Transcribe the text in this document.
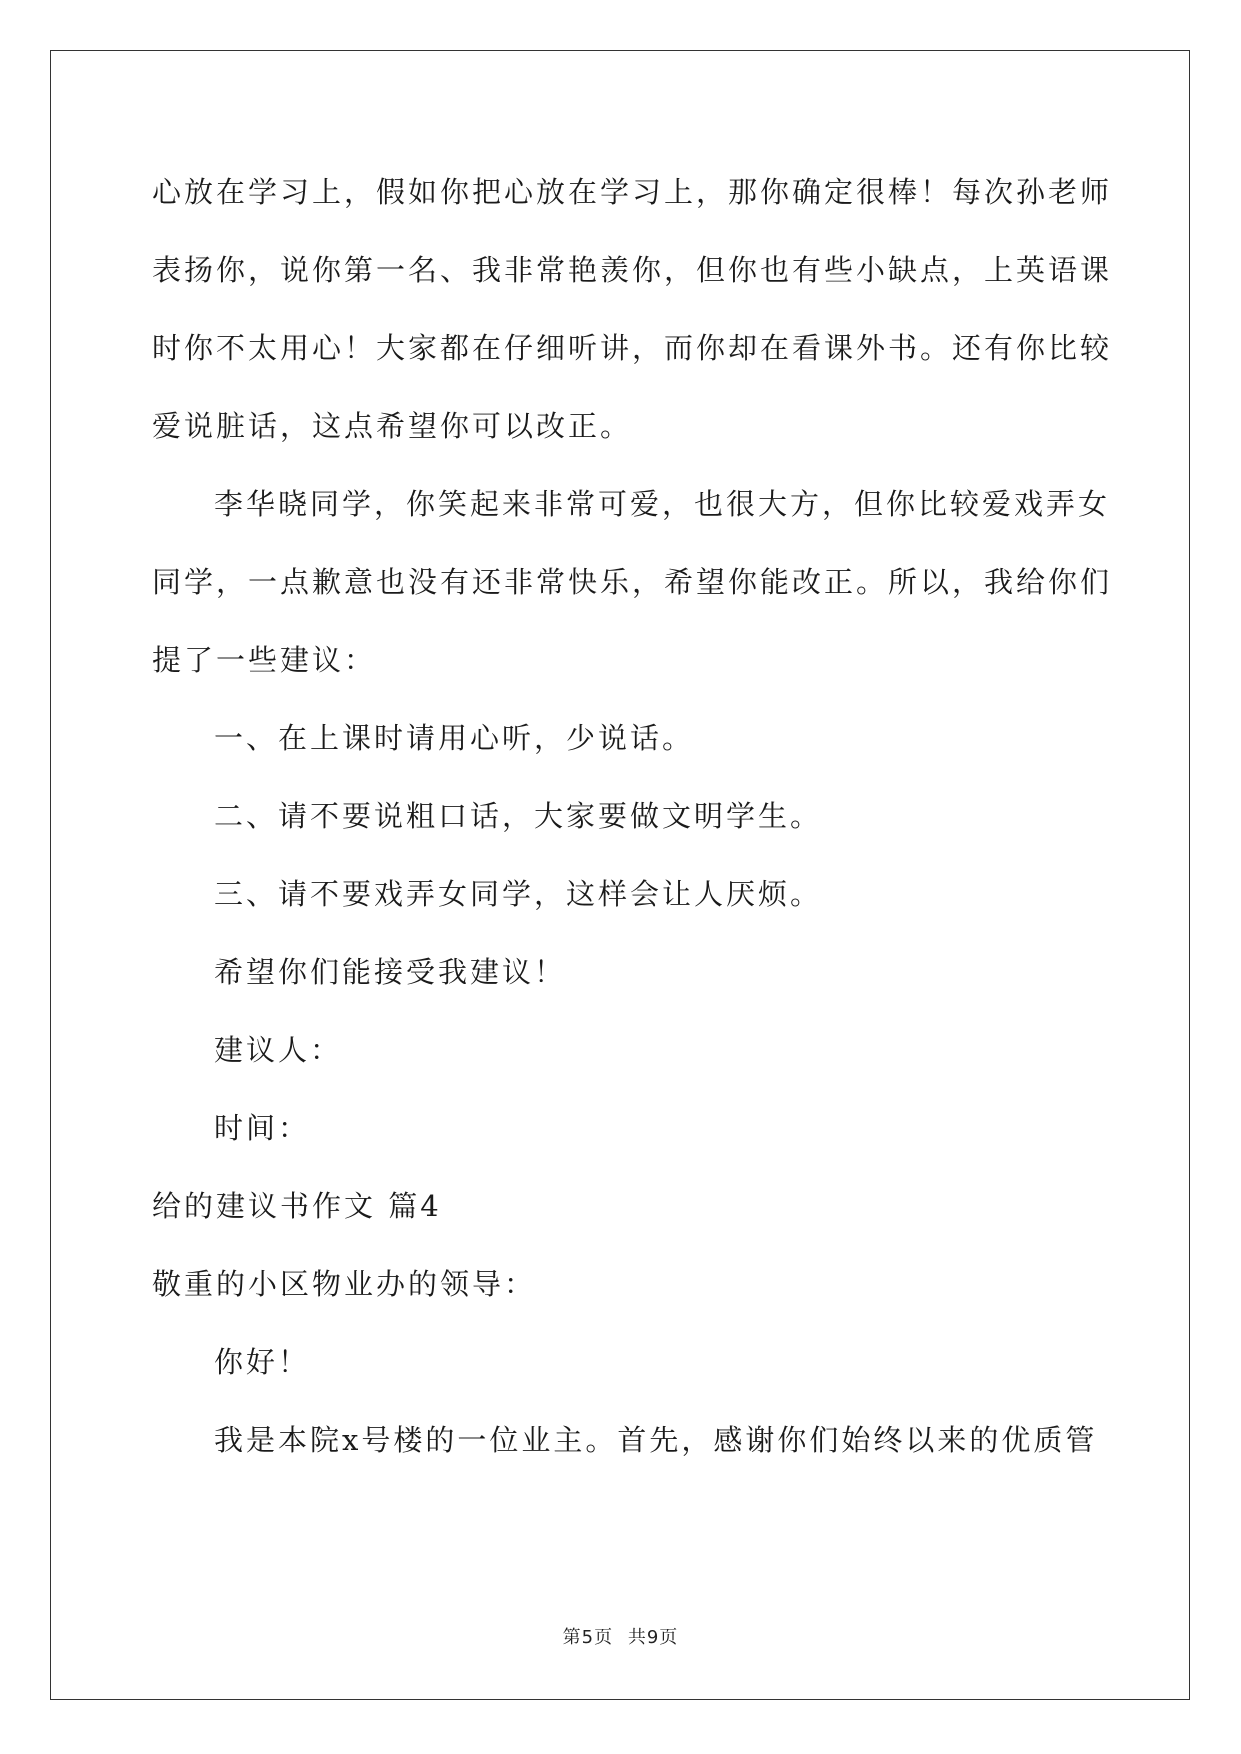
心放在学习上，假如你把心放在学习上，那你确定很棒！每次孙老师
表扬你，说你第一名、我非常艳羡你，但你也有些小缺点，上英语课
时你不太用心！大家都在仔细听讲，而你却在看课外书。还有你比较
爱说脏话，这点希望你可以改正。
李华晓同学，你笑起来非常可爱，也很大方，但你比较爱戏弄女
同学，一点歉意也没有还非常快乐，希望你能改正。所以，我给你们
提了一些建议：
一、在上课时请用心听，少说话。
二、请不要说粗口话，大家要做文明学生。
三、请不要戏弄女同学，这样会让人厌烦。
希望你们能接受我建议！
建议人：
时间：
给的建议书作文 篇4
敬重的小区物业办的领导：
你好！
我是本院x号楼的一位业主。首先，感谢你们始终以来的优质管
第5页 共9页
